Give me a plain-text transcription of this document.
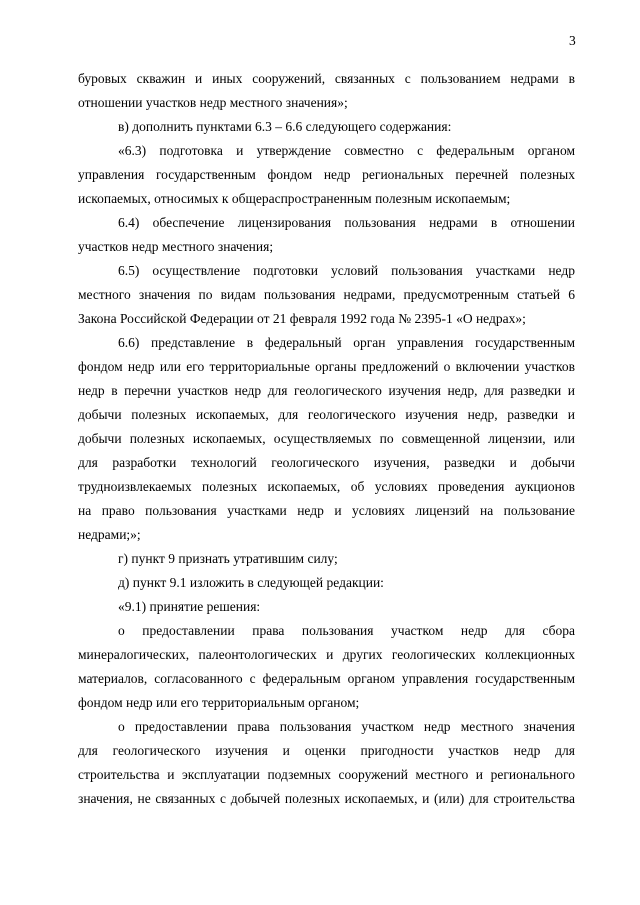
3
буровых скважин и иных сооружений, связанных с пользованием недрами в
отношении участков недр местного значения»;
в) дополнить пунктами 6.3 – 6.6 следующего содержания:
«6.3) подготовка и утверждение совместно с федеральным органом
управления государственным фондом недр региональных перечней полезных
ископаемых, относимых к общераспространенным полезным ископаемым;
6.4) обеспечение лицензирования пользования недрами в отношении
участков недр местного значения;
6.5) осуществление подготовки условий пользования участками недр
местного значения по видам пользования недрами, предусмотренным статьей 6
Закона Российской Федерации от 21 февраля 1992 года № 2395-1 «О недрах»;
6.6) представление в федеральный орган управления государственным
фондом недр или его территориальные органы предложений о включении участков
недр в перечни участков недр для геологического изучения недр, для разведки и
добычи полезных ископаемых, для геологического изучения недр, разведки и
добычи полезных ископаемых, осуществляемых по совмещенной лицензии, или
для разработки технологий геологического изучения, разведки и добычи
трудноизвлекаемых полезных ископаемых, об условиях проведения аукционов
на право пользования участками недр и условиях лицензий на пользование
недрами;»;
г) пункт 9 признать утратившим силу;
д) пункт 9.1 изложить в следующей редакции:
«9.1) принятие решения:
о предоставлении права пользования участком недр для сбора
минералогических, палеонтологических и других геологических коллекционных
материалов, согласованного с федеральным органом управления государственным
фондом недр или его территориальным органом;
о предоставлении права пользования участком недр местного значения
для геологического изучения и оценки пригодности участков недр для
строительства и эксплуатации подземных сооружений местного и регионального
значения, не связанных с добычей полезных ископаемых, и (или) для строительства
